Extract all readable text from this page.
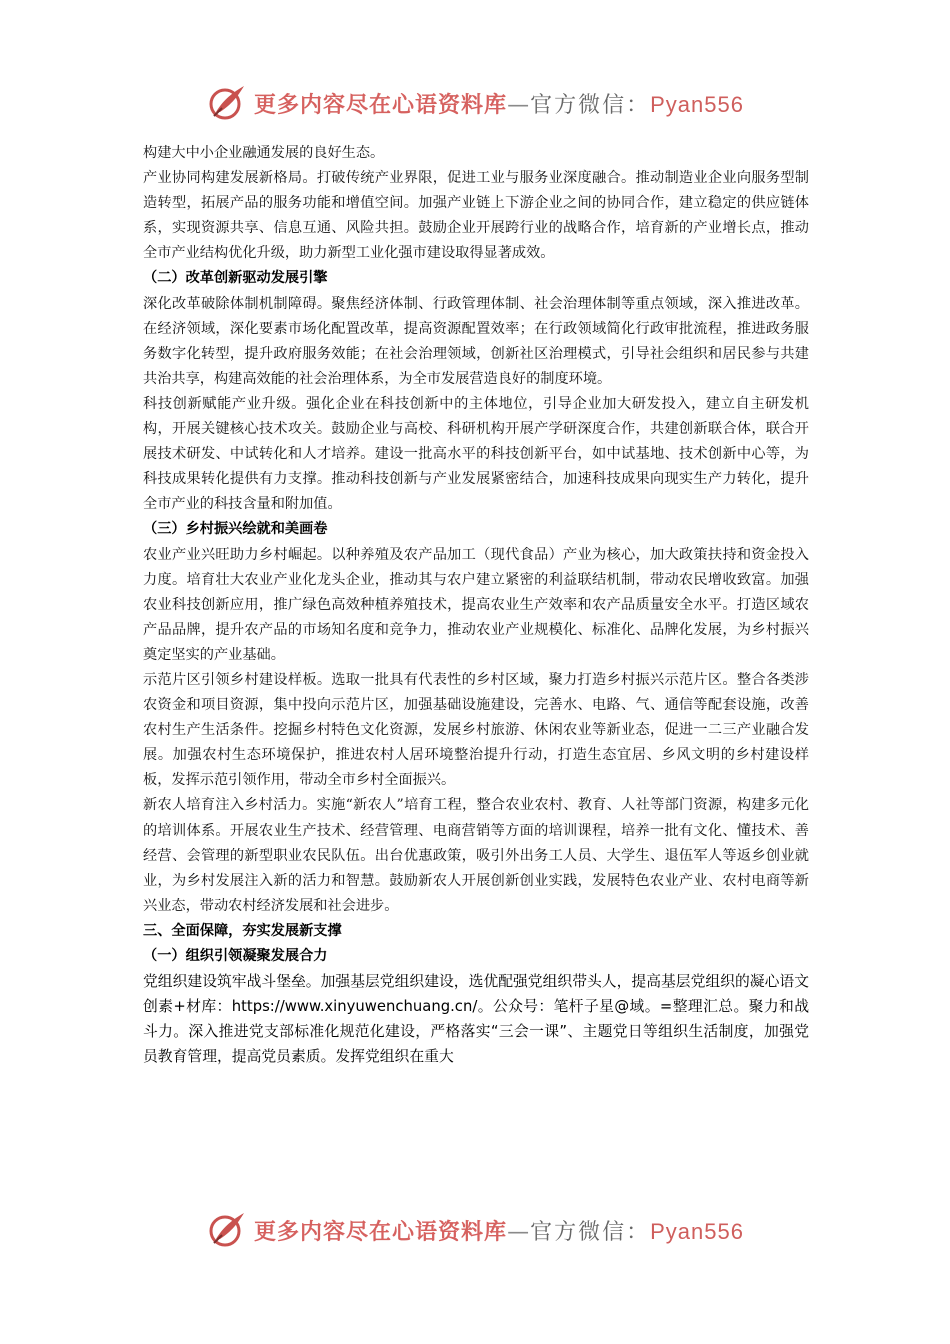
更多内容尽在心语资料库—官方微信：Pyan556

构建大中小企业融通发展的良好生态。

产业协同构建发展新格局。打破传统产业界限，促进工业与服务业深度融合。推动制造业企业向服务型制造转型，拓展产品的服务功能和增值空间。加强产业链上下游企业之间的协同合作，建立稳定的供应链体系，实现资源共享、信息互通、风险共担。鼓励企业开展跨行业的战略合作，培育新的产业增长点，推动全市产业结构优化升级，助力新型工业化强市建设取得显著成效。

（二）改革创新驱动发展引擎

深化改革破除体制机制障碍。聚焦经济体制、行政管理体制、社会治理体制等重点领域，深入推进改革。在经济领域，深化要素市场化配置改革，提高资源配置效率；在行政领域简化行政审批流程，推进政务服务数字化转型，提升政府服务效能；在社会治理领域，创新社区治理模式，引导社会组织和居民参与共建共治共享，构建高效能的社会治理体系，为全市发展营造良好的制度环境。

科技创新赋能产业升级。强化企业在科技创新中的主体地位，引导企业加大研发投入，建立自主研发机构，开展关键核心技术攻关。鼓励企业与高校、科研机构开展产学研深度合作，共建创新联合体，联合开展技术研发、中试转化和人才培养。建设一批高水平的科技创新平台，如中试基地、技术创新中心等，为科技成果转化提供有力支撑。推动科技创新与产业发展紧密结合，加速科技成果向现实生产力转化，提升全市产业的科技含量和附加值。

（三）乡村振兴绘就和美画卷

农业产业兴旺助力乡村崛起。以种养殖及农产品加工（现代食品）产业为核心，加大政策扶持和资金投入力度。培育壮大农业产业化龙头企业，推动其与农户建立紧密的利益联结机制，带动农民增收致富。加强农业科技创新应用，推广绿色高效种植养殖技术，提高农业生产效率和农产品质量安全水平。打造区域农产品品牌，提升农产品的市场知名度和竞争力，推动农业产业规模化、标准化、品牌化发展，为乡村振兴奠定坚实的产业基础。

示范片区引领乡村建设样板。选取一批具有代表性的乡村区域，聚力打造乡村振兴示范片区。整合各类涉农资金和项目资源，集中投向示范片区，加强基础设施建设，完善水、电路、气、通信等配套设施，改善农村生产生活条件。挖掘乡村特色文化资源，发展乡村旅游、休闲农业等新业态，促进一二三产业融合发展。加强农村生态环境保护，推进农村人居环境整治提升行动，打造生态宜居、乡风文明的乡村建设样板，发挥示范引领作用，带动全市乡村全面振兴。

新农人培育注入乡村活力。实施“新农人”培育工程，整合农业农村、教育、人社等部门资源，构建多元化的培训体系。开展农业生产技术、经营管理、电商营销等方面的培训课程，培养一批有文化、懂技术、善经营、会管理的新型职业农民队伍。出台优惠政策，吸引外出务工人员、大学生、退伍军人等返乡创业就业，为乡村发展注入新的活力和智慧。鼓励新农人开展创新创业实践，发展特色农业产业、农村电商等新兴业态，带动农村经济发展和社会进步。

三、全面保障，夯实发展新支撑

（一）组织引领凝聚发展合力

党组织建设筑牢战斗堡垒。加强基层党组织建设，选优配强党组织带头人，提高基层党组织的凝心语文创素+材库：https://www.xinyuwenchuang.cn/。公众号：笔杆子星@域。=整理汇总。聚力和战斗力。深入推进党支部标准化规范化建设，严格落实“三会一课”、主题党日等组织生活制度，加强党员教育管理，提高党员素质。发挥党组织在重大

更多内容尽在心语资料库—官方微信：Pyan556
